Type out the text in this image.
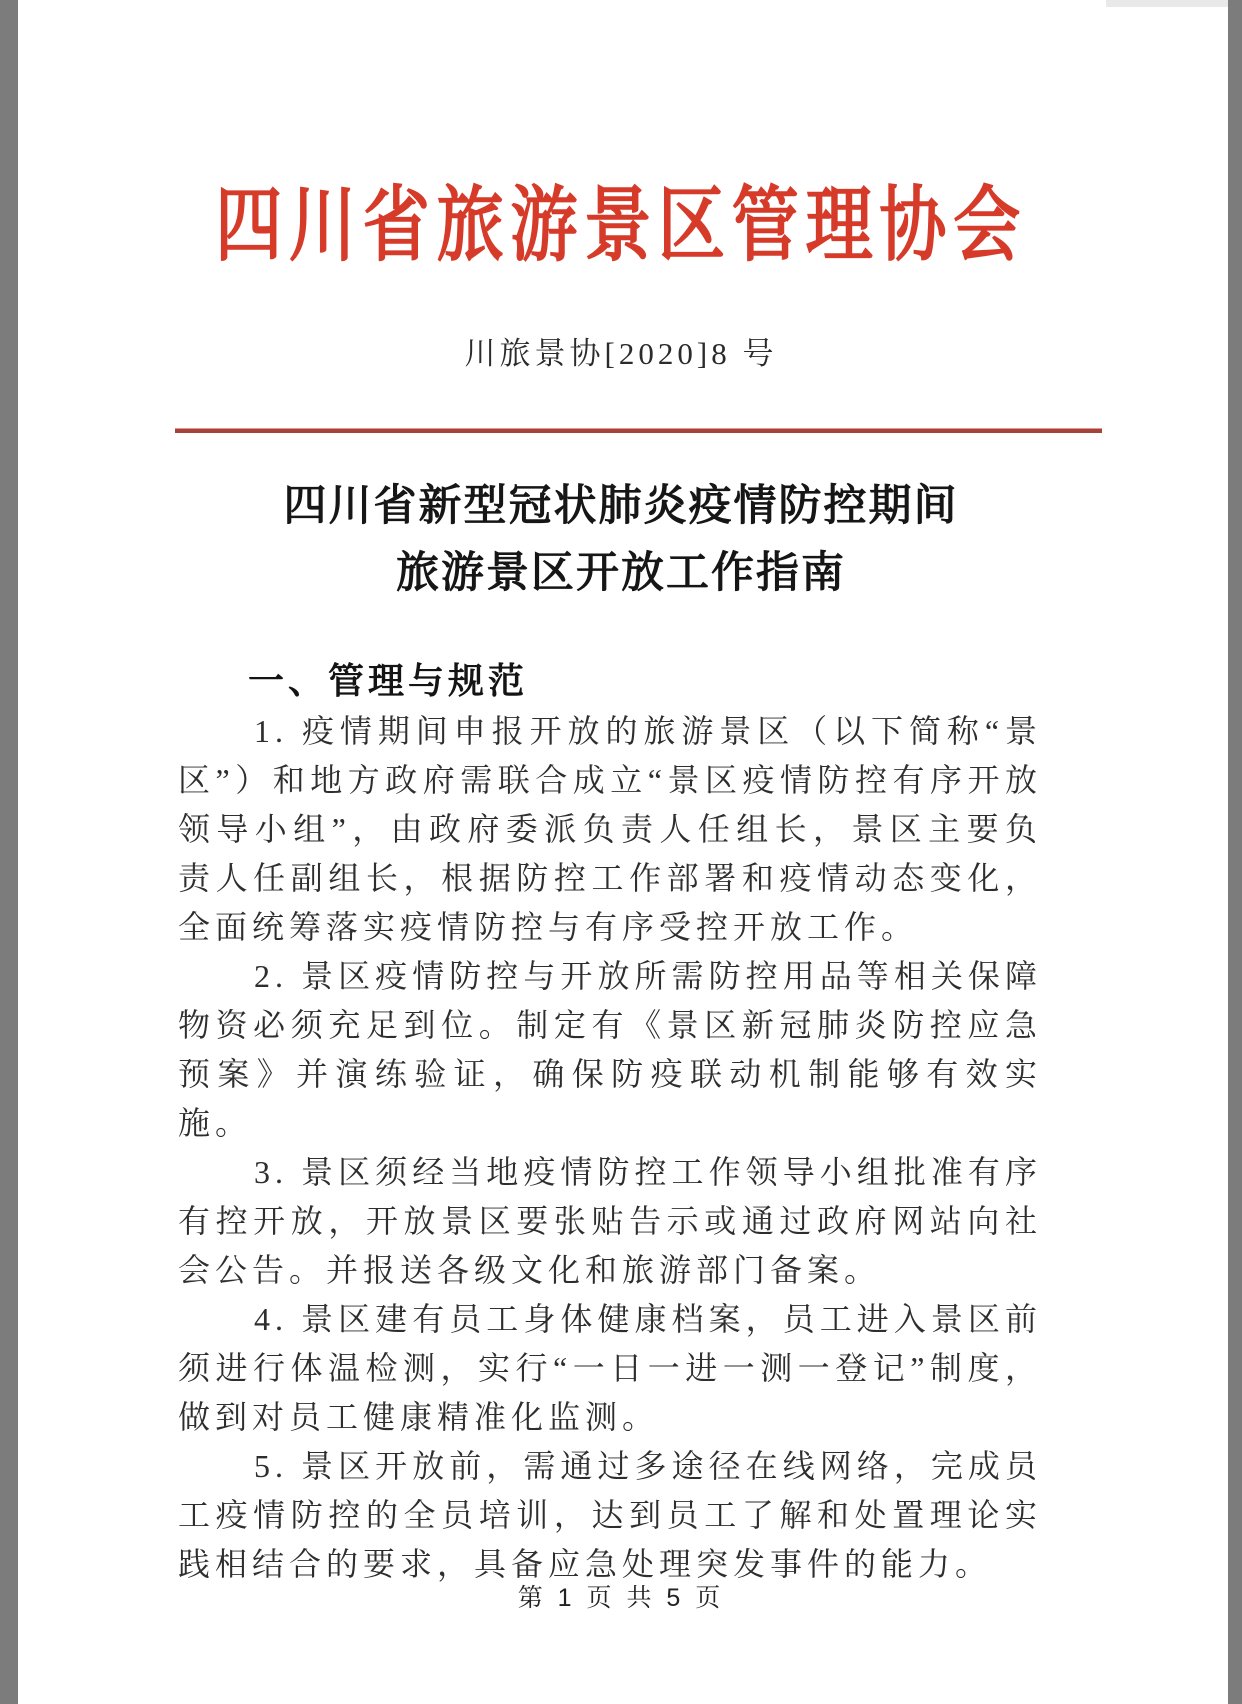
四川省旅游景区管理协会
川旅景协[2020]8 号
四川省新型冠状肺炎疫情防控期间
旅游景区开放工作指南
一、管理与规范

1. 疫情期间申报开放的旅游景区（以下简称“景区”）和地方政府需联合成立“景区疫情防控有序开放领导小组”，由政府委派负责人任组长，景区主要负责人任副组长，根据防控工作部署和疫情动态变化，全面统筹落实疫情防控与有序受控开放工作。

2. 景区疫情防控与开放所需防控用品等相关保障物资必须充足到位。制定有《景区新冠肺炎防控应急预案》并演练验证，确保防疫联动机制能够有效实施。

3. 景区须经当地疫情防控工作领导小组批准有序有控开放，开放景区要张贴告示或通过政府网站向社会公告。并报送各级文化和旅游部门备案。

4. 景区建有员工身体健康档案，员工进入景区前须进行体温检测，实行“一日一进一测一登记”制度，做到对员工健康精准化监测。

5. 景区开放前，需通过多途径在线网络，完成员工疫情防控的全员培训，达到员工了解和处置理论实践相结合的要求，具备应急处理突发事件的能力。

第 1 页 共 5 页
